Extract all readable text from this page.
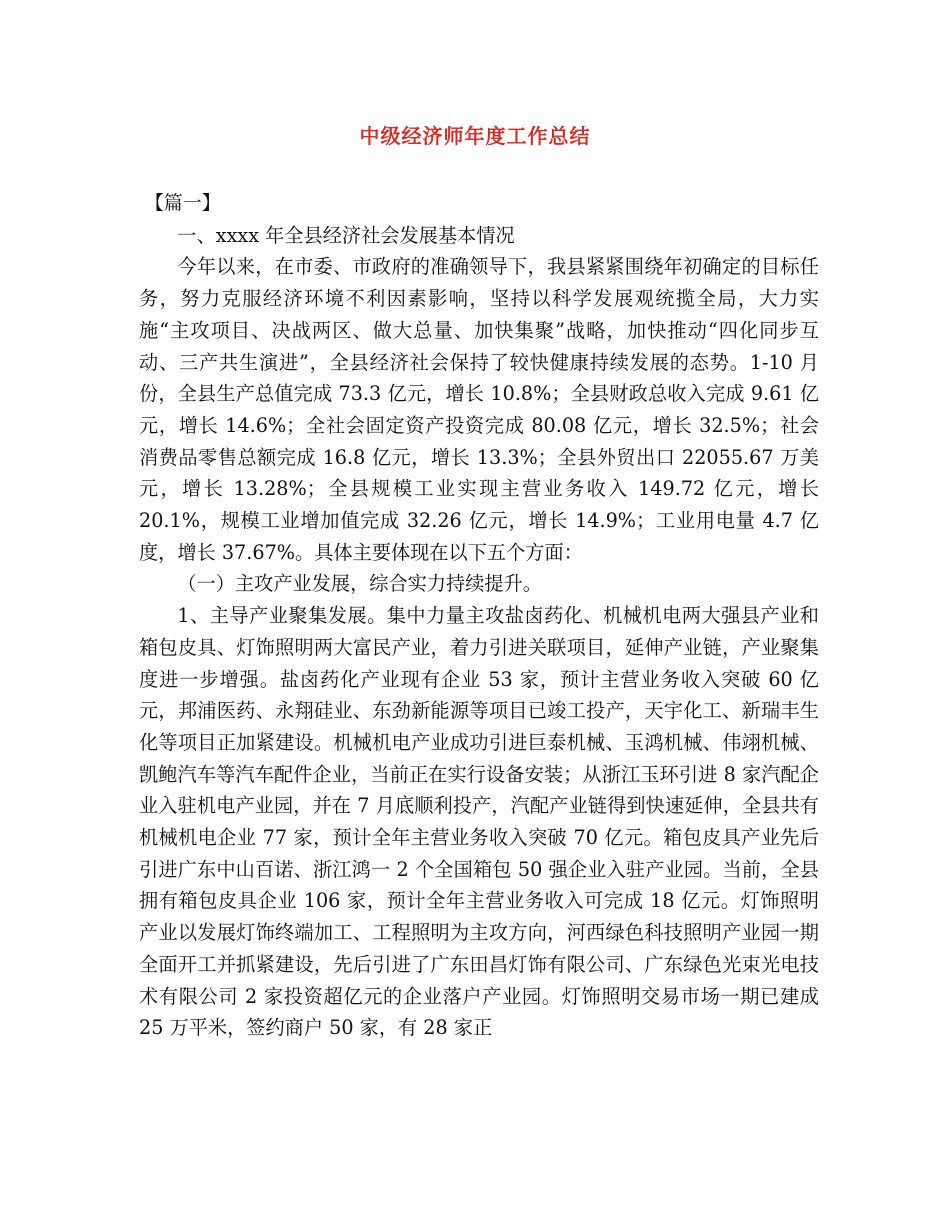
中级经济师年度工作总结

【篇一】

一、xxxx 年全县经济社会发展基本情况

今年以来，在市委、市政府的准确领导下，我县紧紧围绕年初确定的目标任务，努力克服经济环境不利因素影响，坚持以科学发展观统揽全局，大力实施“主攻项目、决战两区、做大总量、加快集聚”战略，加快推动“四化同步互动、三产共生演进”，全县经济社会保持了较快健康持续发展的态势。1-10 月份，全县生产总值完成 73.3 亿元，增长 10.8%；全县财政总收入完成 9.61 亿元，增长 14.6%；全社会固定资产投资完成 80.08 亿元，增长 32.5%；社会消费品零售总额完成 16.8 亿元，增长 13.3%；全县外贸出口 22055.67 万美元，增长 13.28%；全县规模工业实现主营业务收入 149.72 亿元，增长 20.1%，规模工业增加值完成 32.26 亿元，增长 14.9%；工业用电量 4.7 亿度，增长 37.67%。具体主要体现在以下五个方面：

（一）主攻产业发展，综合实力持续提升。

1、主导产业聚集发展。集中力量主攻盐卤药化、机械机电两大强县产业和箱包皮具、灯饰照明两大富民产业，着力引进关联项目，延伸产业链，产业聚集度进一步增强。盐卤药化产业现有企业 53 家，预计主营业务收入突破 60 亿元，邦浦医药、永翔硅业、东劲新能源等项目已竣工投产，天宇化工、新瑞丰生化等项目正加紧建设。机械机电产业成功引进巨泰机械、玉鸿机械、伟翊机械、凯鲍汽车等汽车配件企业，当前正在实行设备安装；从浙江玉环引进 8 家汽配企业入驻机电产业园，并在 7 月底顺利投产，汽配产业链得到快速延伸，全县共有机械机电企业 77 家，预计全年主营业务收入突破 70 亿元。箱包皮具产业先后引进广东中山百诺、浙江鸿一 2 个全国箱包 50 强企业入驻产业园。当前，全县拥有箱包皮具企业 106 家，预计全年主营业务收入可完成 18 亿元。灯饰照明产业以发展灯饰终端加工、工程照明为主攻方向，河西绿色科技照明产业园一期全面开工并抓紧建设，先后引进了广东田昌灯饰有限公司、广东绿色光束光电技术有限公司 2 家投资超亿元的企业落户产业园。灯饰照明交易市场一期已建成 25 万平米，签约商户 50 家，有 28 家正
